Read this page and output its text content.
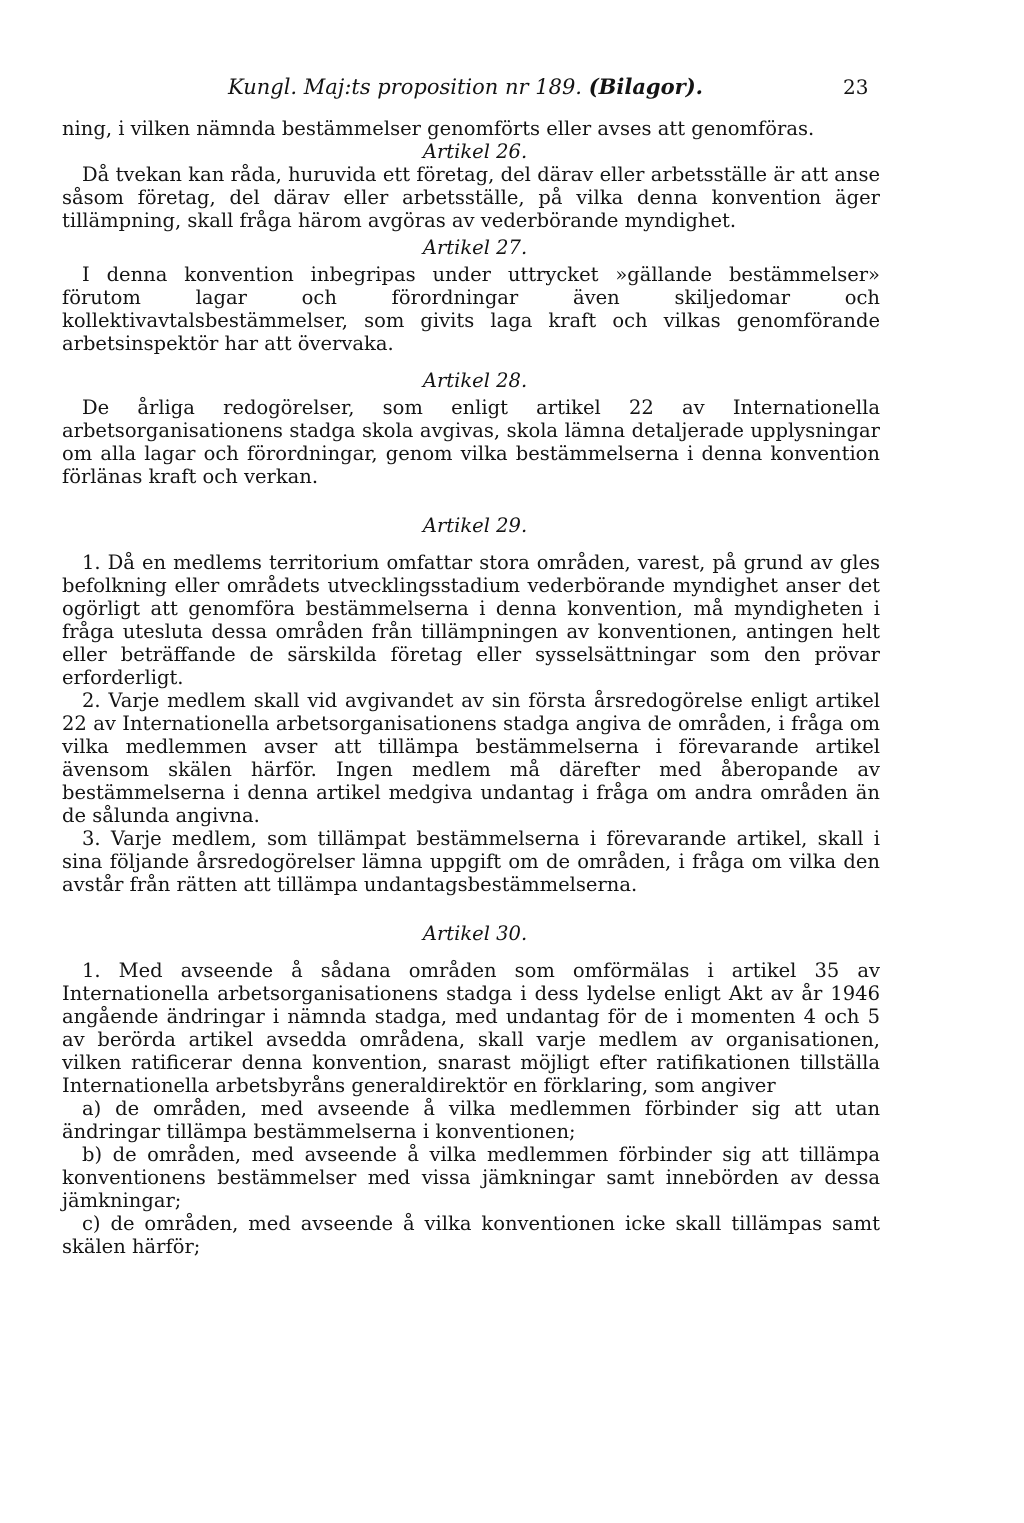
Kungl. Maj:ts proposition nr 189. (Bilagor).	23

ning, i vilken nämnda bestämmelser genomförts eller avses att genomföras.

Artikel 26.

Då tvekan kan råda, huruvida ett företag, del därav eller arbetsställe är att anse såsom företag, del därav eller arbetsställe, på vilka denna konvention äger tillämpning, skall fråga härom avgöras av vederbörande myndighet.

Artikel 27.

I denna konvention inbegripas under uttrycket »gällande bestämmelser» förutom lagar och förordningar även skiljedomar och kollektivavtalsbestämmelser, som givits laga kraft och vilkas genomförande arbetsinspektör har att övervaka.

Artikel 28.

De årliga redogörelser, som enligt artikel 22 av Internationella arbetsorganisationens stadga skola avgivas, skola lämna detaljerade upplysningar om alla lagar och förordningar, genom vilka bestämmelserna i denna konvention förlänas kraft och verkan.

Artikel 29.

1. Då en medlems territorium omfattar stora områden, varest, på grund av gles befolkning eller områdets utvecklingsstadium vederbörande myndighet anser det ogörligt att genomföra bestämmelserna i denna konvention, må myndigheten i fråga utesluta dessa områden från tillämpningen av konventionen, antingen helt eller beträffande de särskilda företag eller sysselsättningar som den prövar erforderligt.

2. Varje medlem skall vid avgivandet av sin första årsredogörelse enligt artikel 22 av Internationella arbetsorganisationens stadga angiva de områden, i fråga om vilka medlemmen avser att tillämpa bestämmelserna i förevarande artikel ävensom skälen härför. Ingen medlem må därefter med åberopande av bestämmelserna i denna artikel medgiva undantag i fråga om andra områden än de sålunda angivna.

3. Varje medlem, som tillämpat bestämmelserna i förevarande artikel, skall i sina följande årsredogörelser lämna uppgift om de områden, i fråga om vilka den avstår från rätten att tillämpa undantagsbestämmelserna.

Artikel 30.

1. Med avseende å sådana områden som omförmälas i artikel 35 av Internationella arbetsorganisationens stadga i dess lydelse enligt Akt av år 1946 angående ändringar i nämnda stadga, med undantag för de i momenten 4 och 5 av berörda artikel avsedda områdena, skall varje medlem av organisationen, vilken ratificerar denna konvention, snarast möjligt efter ratifikationen tillställa Internationella arbetsbyråns generaldirektör en förklaring, som angiver

a) de områden, med avseende å vilka medlemmen förbinder sig att utan ändringar tillämpa bestämmelserna i konventionen;

b) de områden, med avseende å vilka medlemmen förbinder sig att tillämpa konventionens bestämmelser med vissa jämkningar samt innebörden av dessa jämkningar;

c) de områden, med avseende å vilka konventionen icke skall tillämpas samt skälen härför;
